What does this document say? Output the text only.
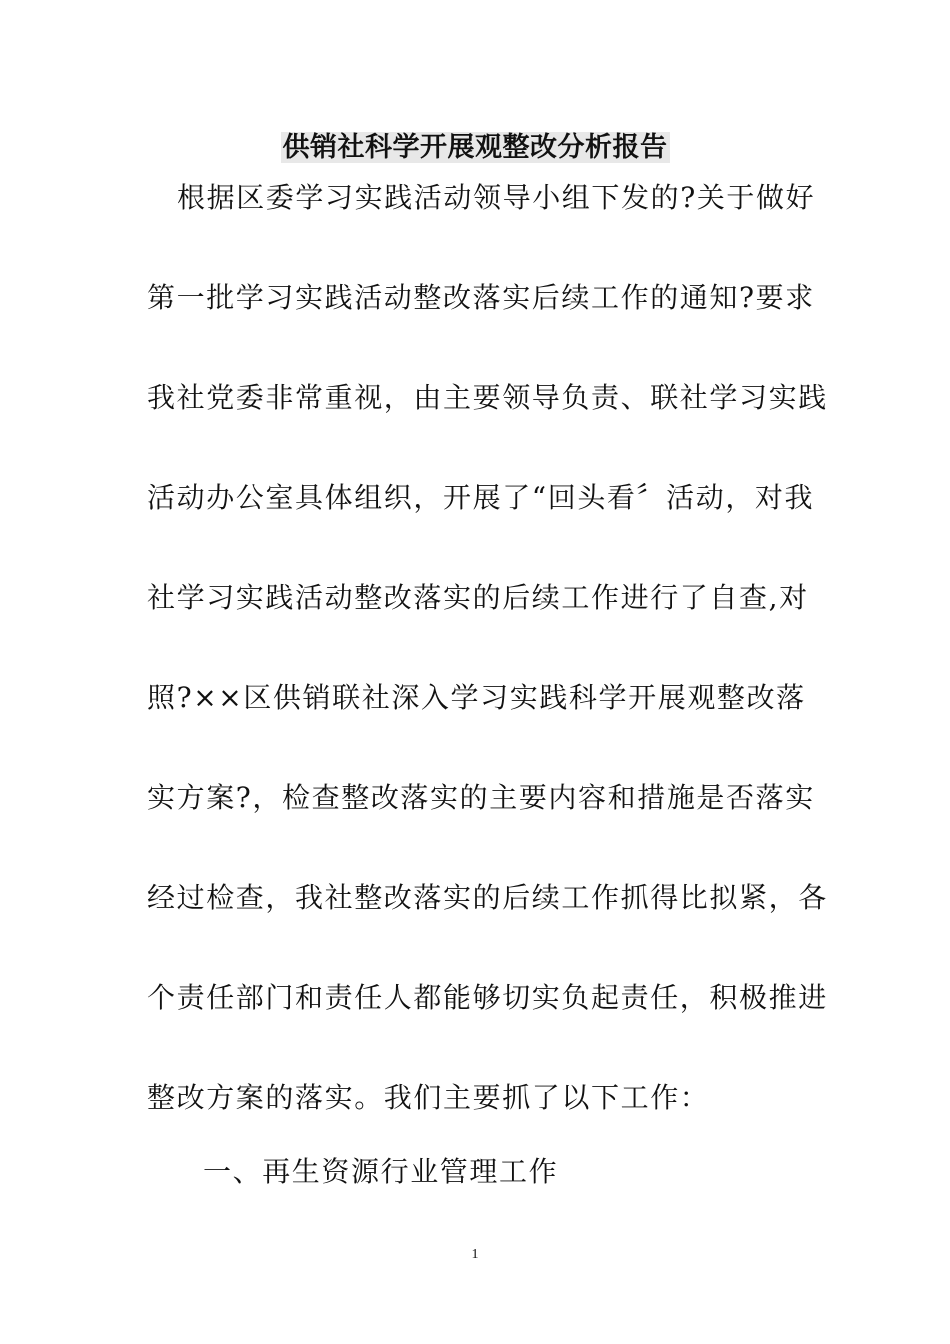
供销社科学开展观整改分析报告
根据区委学习实践活动领导小组下发的?关于做好
第一批学习实践活动整改落实后续工作的通知?要求
我社党委非常重视，由主要领导负责、联社学习实践
活动办公室具体组织，开展了“回头看〞活动，对我
社学习实践活动整改落实的后续工作进行了自查,对
照?××区供销联社深入学习实践科学开展观整改落
实方案?，检查整改落实的主要内容和措施是否落实
经过检查，我社整改落实的后续工作抓得比拟紧，各
个责任部门和责任人都能够切实负起责任，积极推进
整改方案的落实。我们主要抓了以下工作：
一、再生资源行业管理工作
1
